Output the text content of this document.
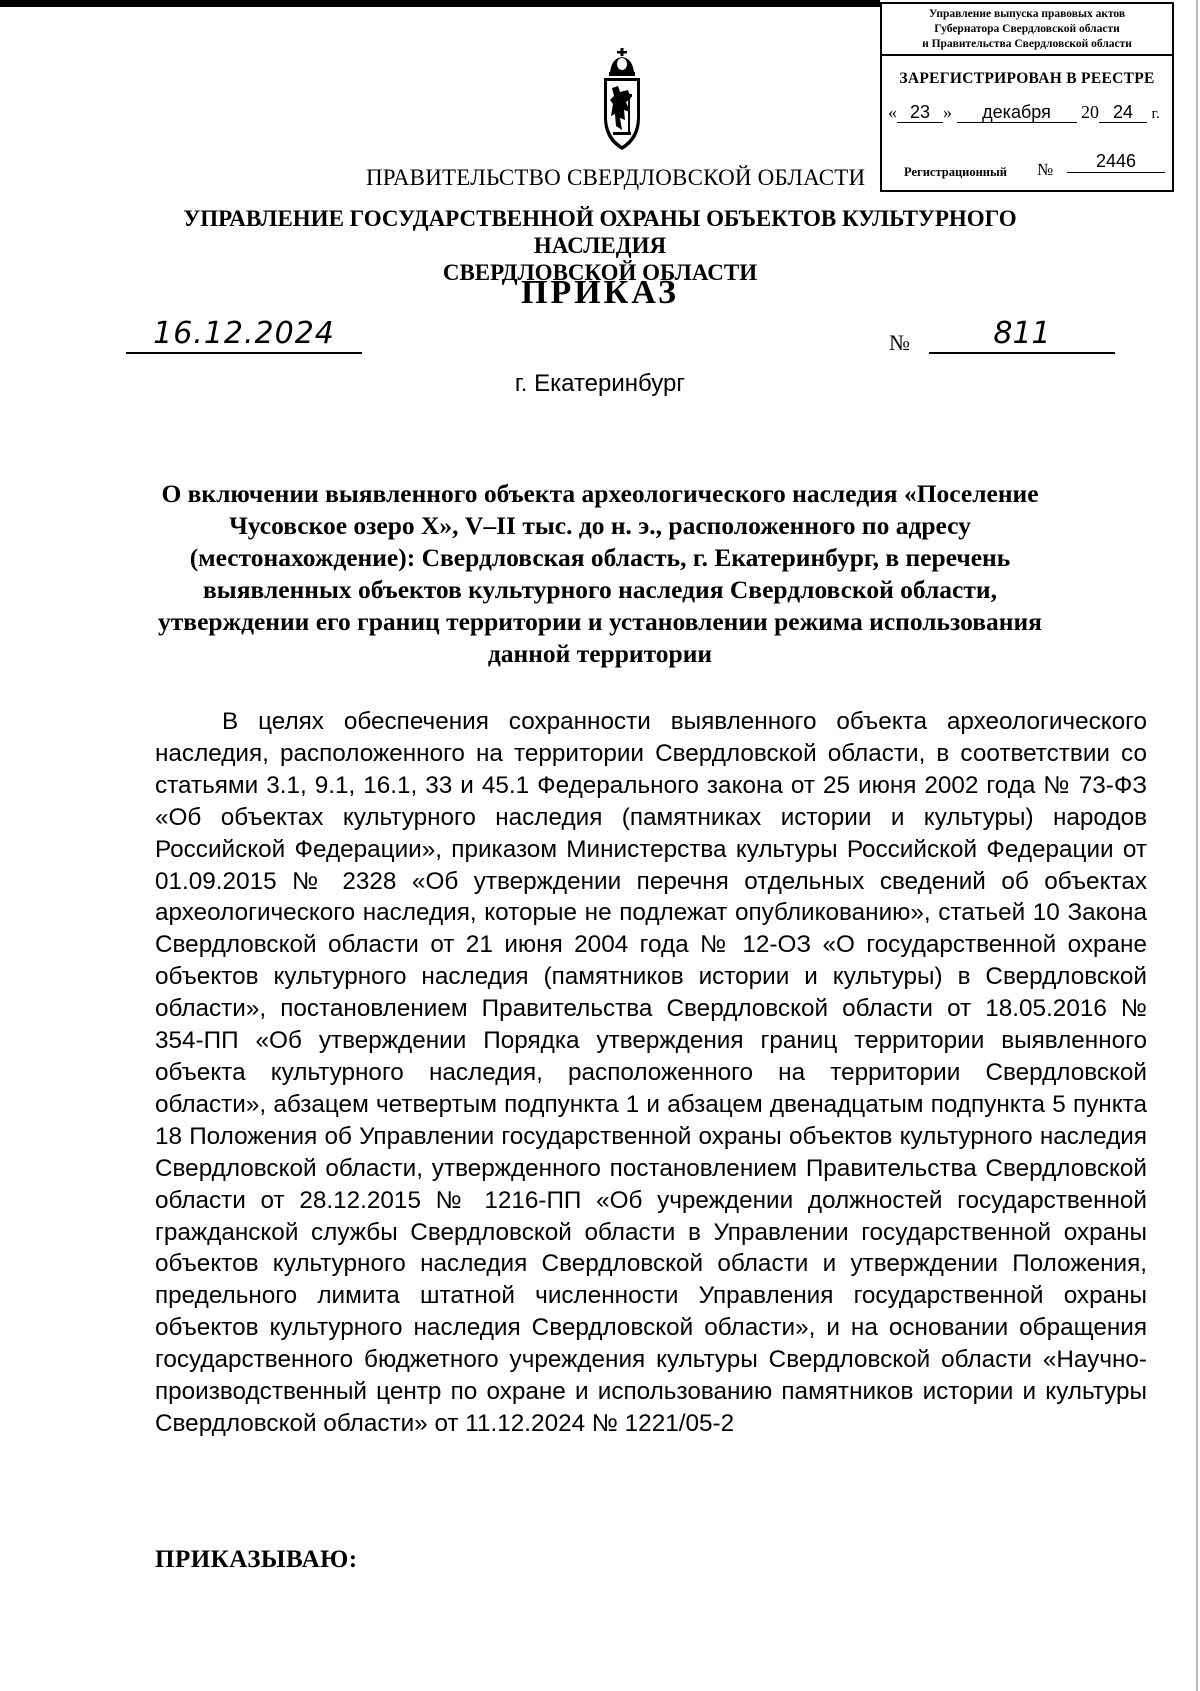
Управление выпуска правовых актов
Губернатора Свердловской области
и Правительства Свердловской области
ЗАРЕГИСТРИРОВАН В РЕЕСТРЕ
« 23 » декабря 20 24 г.
Регистрационный №	2446
ПРАВИТЕЛЬСТВО СВЕРДЛОВСКОЙ ОБЛАСТИ
УПРАВЛЕНИЕ ГОСУДАРСТВЕННОЙ ОХРАНЫ ОБЪЕКТОВ КУЛЬТУРНОГО НАСЛЕДИЯ
СВЕРДЛОВСКОЙ ОБЛАСТИ
ПРИКАЗ
16.12.2024	№	811
г. Екатеринбург
О включении выявленного объекта археологического наследия «Поселение Чусовское озеро Х», V–II тыс. до н. э., расположенного по адресу (местонахождение): Свердловская область, г. Екатеринбург, в перечень выявленных объектов культурного наследия Свердловской области, утверждении его границ территории и установлении режима использования данной территории

В целях обеспечения сохранности выявленного объекта археологического наследия, расположенного на территории Свердловской области, в соответствии со статьями 3.1, 9.1, 16.1, 33 и 45.1 Федерального закона от 25 июня 2002 года № 73-ФЗ «Об объектах культурного наследия (памятниках истории и культуры) народов Российской Федерации», приказом Министерства культуры Российской Федерации от 01.09.2015 № 2328 «Об утверждении перечня отдельных сведений об объектах археологического наследия, которые не подлежат опубликованию», статьей 10 Закона Свердловской области от 21 июня 2004 года № 12-ОЗ «О государственной охране объектов культурного наследия (памятников истории и культуры) в Свердловской области», постановлением Правительства Свердловской области от 18.05.2016 № 354-ПП «Об утверждении Порядка утверждения границ территории выявленного объекта культурного наследия, расположенного на территории Свердловской области», абзацем четвертым подпункта 1 и абзацем двенадцатым подпункта 5 пункта 18 Положения об Управлении государственной охраны объектов культурного наследия Свердловской области, утвержденного постановлением Правительства Свердловской области от 28.12.2015 № 1216-ПП «Об учреждении должностей государственной гражданской службы Свердловской области в Управлении государственной охраны объектов культурного наследия Свердловской области и утверждении Положения, предельного лимита штатной численности Управления государственной охраны объектов культурного наследия Свердловской области», и на основании обращения государственного бюджетного учреждения культуры Свердловской области «Научно-производственный центр по охране и использованию памятников истории и культуры Свердловской области» от 11.12.2024 № 1221/05-2

ПРИКАЗЫВАЮ:
